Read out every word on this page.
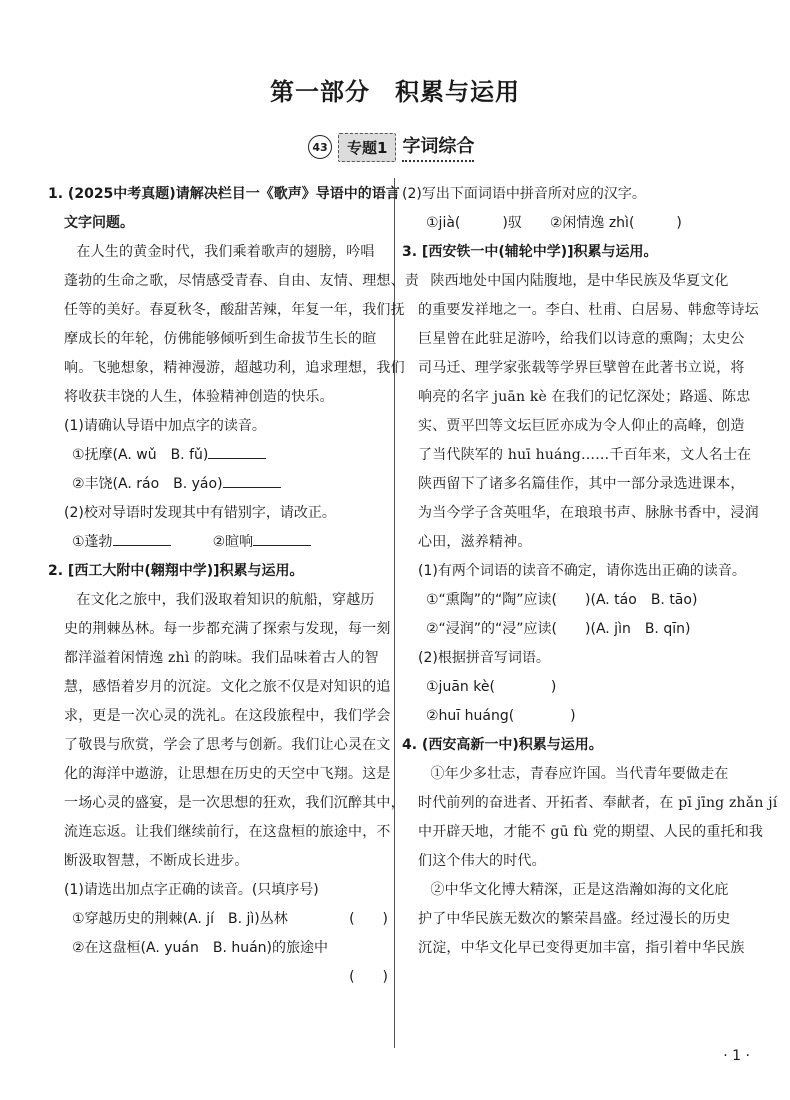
第一部分　积累与运用
43	专题1 字词综合
1. (2025中考真题)请解决栏目一《歌声》导语中的语言
文字问题。
　　在人生的黄金时代，我们乘着歌声的翅膀，吟唱
蓬勃的生命之歌，尽情感受青春、自由、友情、理想、责
任等的美好。春夏秋冬，酸甜苦辣，年复一年，我们抚
摩成长的年轮，仿佛能够倾听到生命拔节生长的暄
响。飞驰想象，精神漫游，超越功利，追求理想，我们
将收获丰饶的人生，体验精神创造的快乐。
(1)请确认导语中加点字的读音。
①抚摩(A. wǔ　B. fǔ)
②丰饶(A. ráo　B. yáo)
(2)校对导语时发现其中有错别字，请改正。
①蓬勃　　　	②暄响
2. [西工大附中(翱翔中学)]积累与运用。
　　在文化之旅中，我们汲取着知识的航船，穿越历
史的荆棘丛林。每一步都充满了探索与发现，每一刻
都洋溢着闲情逸 zhì 的韵味。我们品味着古人的智
慧，感悟着岁月的沉淀。文化之旅不仅是对知识的追
求，更是一次心灵的洗礼。在这段旅程中，我们学会
了敬畏与欣赏，学会了思考与创新。我们让心灵在文
化的海洋中遨游，让思想在历史的天空中飞翔。这是
一场心灵的盛宴，是一次思想的狂欢，我们沉醉其中，
流连忘返。让我们继续前行，在这盘桓的旅途中，不
断汲取智慧，不断成长进步。
(1)请选出加点字正确的读音。(只填序号)
①穿越历史的荆棘(A. jí　B. jì)丛林	(　　)
②在这盘桓(A. yuán　B. huán)的旅途中
(　　)
(2)写出下面词语中拼音所对应的汉字。
①jià(　　　)驭　　②闲情逸 zhì(　　　)
3. [西安铁一中(辅轮中学)]积累与运用。
　　陕西地处中国内陆腹地，是中华民族及华夏文化
的重要发祥地之一。李白、杜甫、白居易、韩愈等诗坛
巨星曾在此驻足游吟，给我们以诗意的熏陶；太史公
司马迁、理学家张载等学界巨擘曾在此著书立说，将
响亮的名字 juān kè 在我们的记忆深处；路遥、陈忠
实、贾平凹等文坛巨匠亦成为令人仰止的高峰，创造
了当代陕军的 huī huáng……千百年来，文人名士在
陕西留下了诸多名篇佳作，其中一部分录选进课本，
为当今学子含英咀华，在琅琅书声、脉脉书香中，浸润
心田，滋养精神。
(1)有两个词语的读音不确定，请你选出正确的读音。
①“熏陶”的“陶”应读(　　)(A. táo　B. tāo)
②“浸润”的“浸”应读(　　)(A. jìn　B. qīn)
(2)根据拼音写词语。
①juān kè(　　　　)
②huī huáng(　　　　)
4. (西安高新一中)积累与运用。
　　①年少多壮志，青春应许国。当代青年要做走在
时代前列的奋进者、开拓者、奉献者，在 pī jīng zhǎn jí
中开辟天地，才能不 gū fù 党的期望、人民的重托和我
们这个伟大的时代。
　　②中华文化博大精深，正是这浩瀚如海的文化庇
护了中华民族无数次的繁荣昌盛。经过漫长的历史
沉淀，中华文化早已变得更加丰富，指引着中华民族
· 1 ·
